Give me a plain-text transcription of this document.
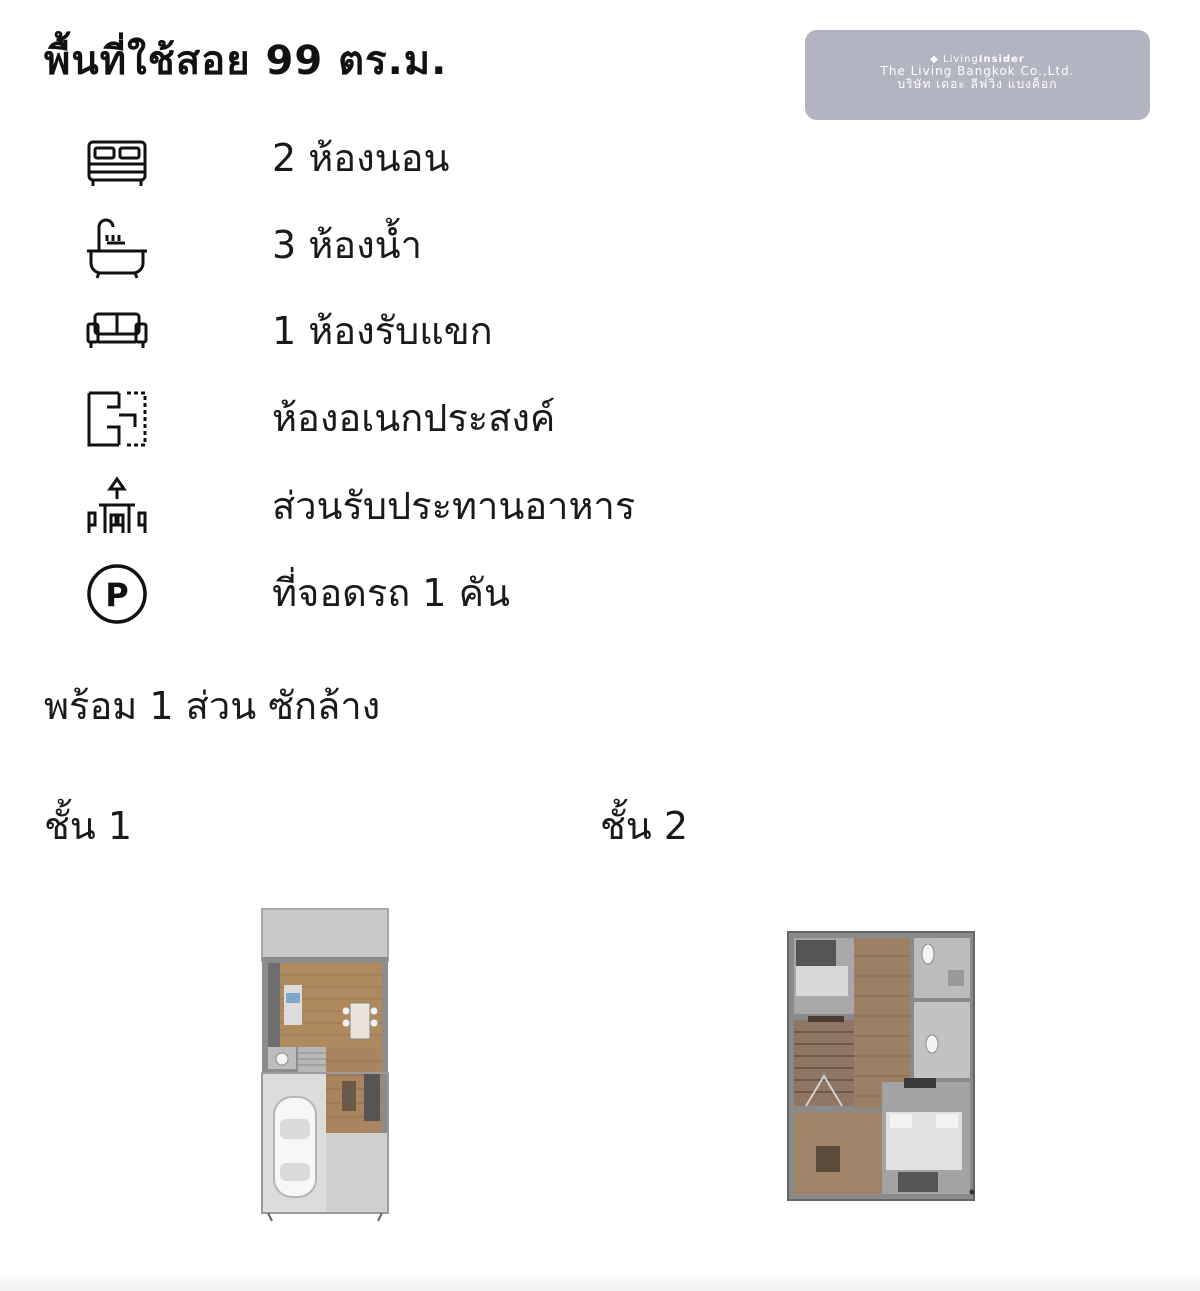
พื้นที่ใช้สอย 99 ตร.ม.	◆ LivingInsider
The Living Bangkok Co.,Ltd.
บริษัท เดอะ ลีฟวิ่ง แบงค็อก
2 ห้องนอน
3 ห้องน้ำ
1 ห้องรับแขก
ห้องอเนกประสงค์
ส่วนรับประทานอาหาร
P	ที่จอดรถ 1 คัน
พร้อม 1 ส่วน ซักล้าง
ชั้น 1	ชั้น 2
